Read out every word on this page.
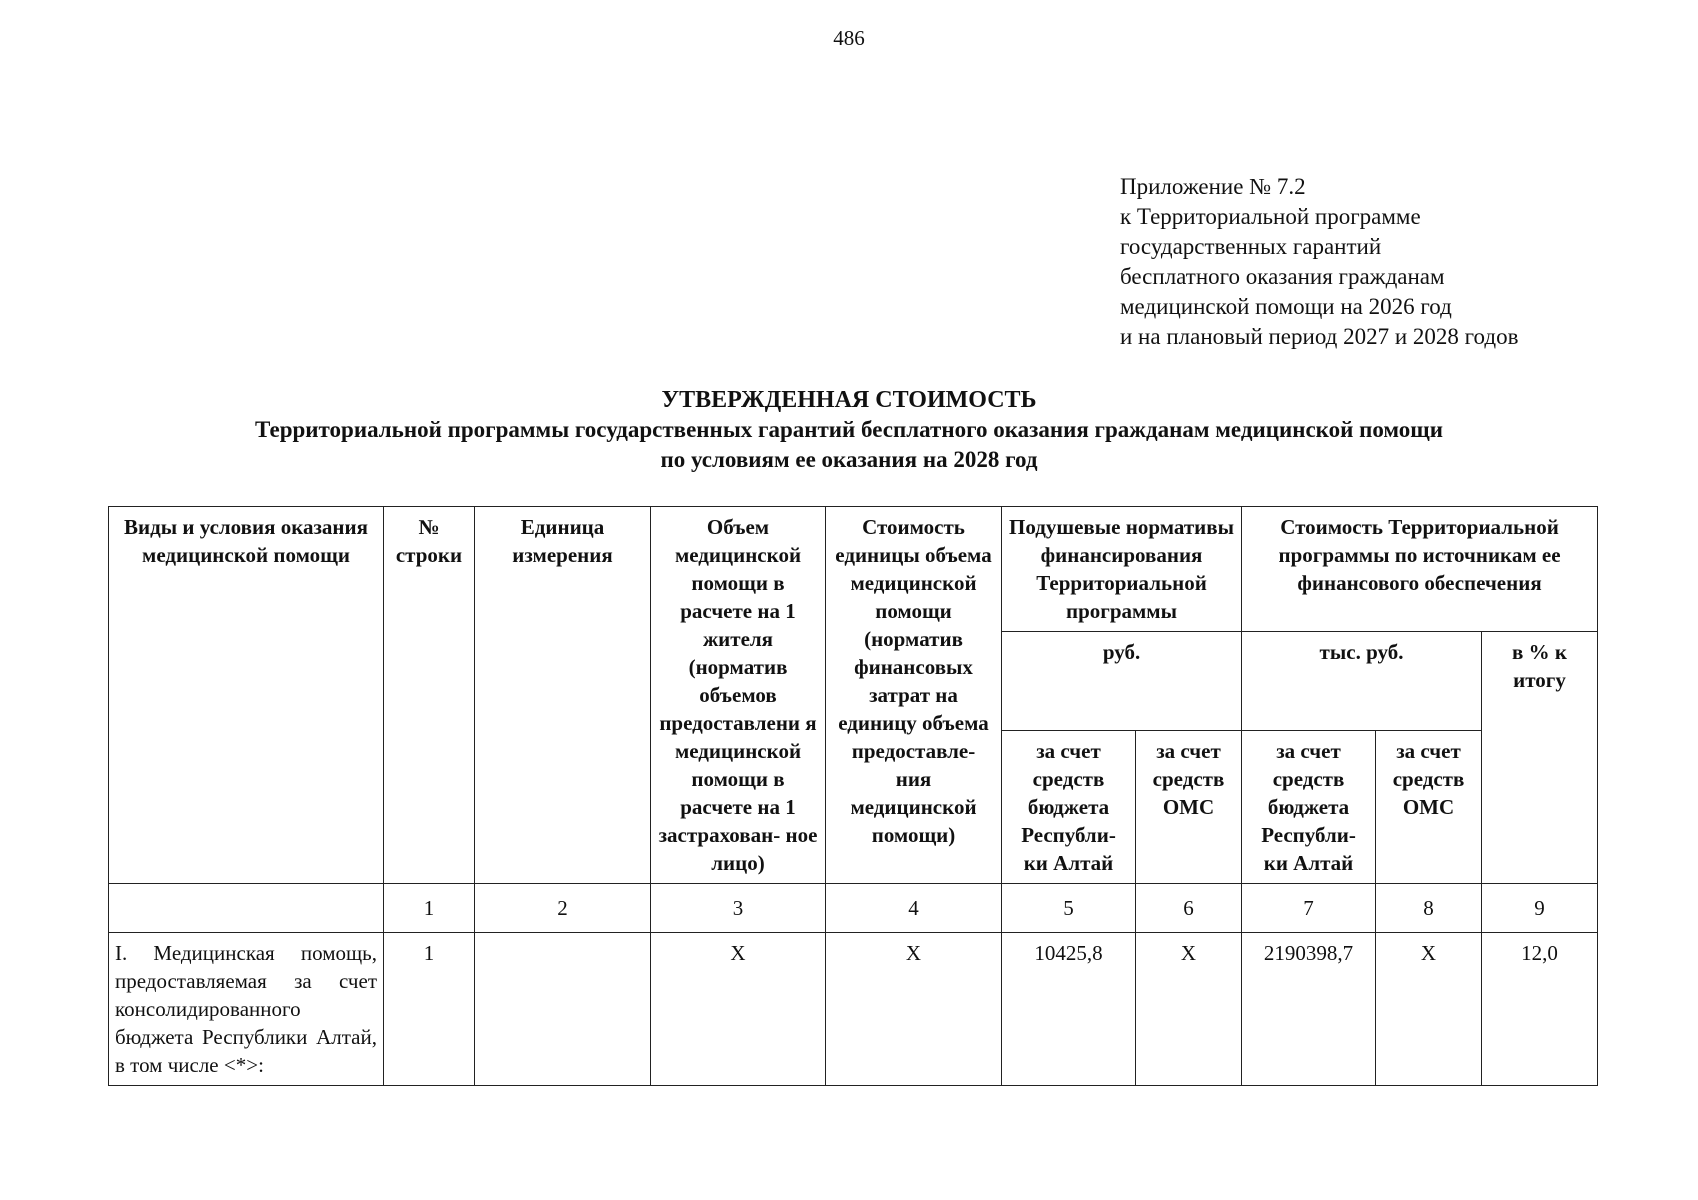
486
Приложение № 7.2
к Территориальной программе
государственных гарантий
бесплатного оказания гражданам
медицинской помощи на 2026 год
и на плановый период 2027 и 2028 годов
УТВЕРЖДЕННАЯ СТОИМОСТЬ
Территориальной программы государственных гарантий бесплатного оказания гражданам медицинской помощи
по условиям ее оказания на 2028 год
Виды и условия оказания медицинской помощи	№ строки	Единица измерения	Объем медицинской помощи в расчете на 1 жителя (норматив объемов предоставлени я медицинской помощи в расчете на 1 застрахован- ное лицо)	Стоимость единицы объема медицинской помощи (норматив финансовых затрат на единицу объема предоставле- ния медицинской помощи)	Подушевые нормативы финансирования Территориальной программы		Стоимость Территориальной программы по источникам ее финансового обеспечения		
					руб.		тыс. руб.		в % к итогу
					за счет средств бюджета Республи- ки Алтай	за счет средств ОМС	за счет средств бюджета Республи- ки Алтай	за счет средств ОМС	
	1	2	3	4	5	6	7	8	9
I. Медицинская помощь, предоставляемая за счет консолидированного бюджета Республики Алтай, в том числе <*>:	1		X	X	10425,8	X	2190398,7	X	12,0
